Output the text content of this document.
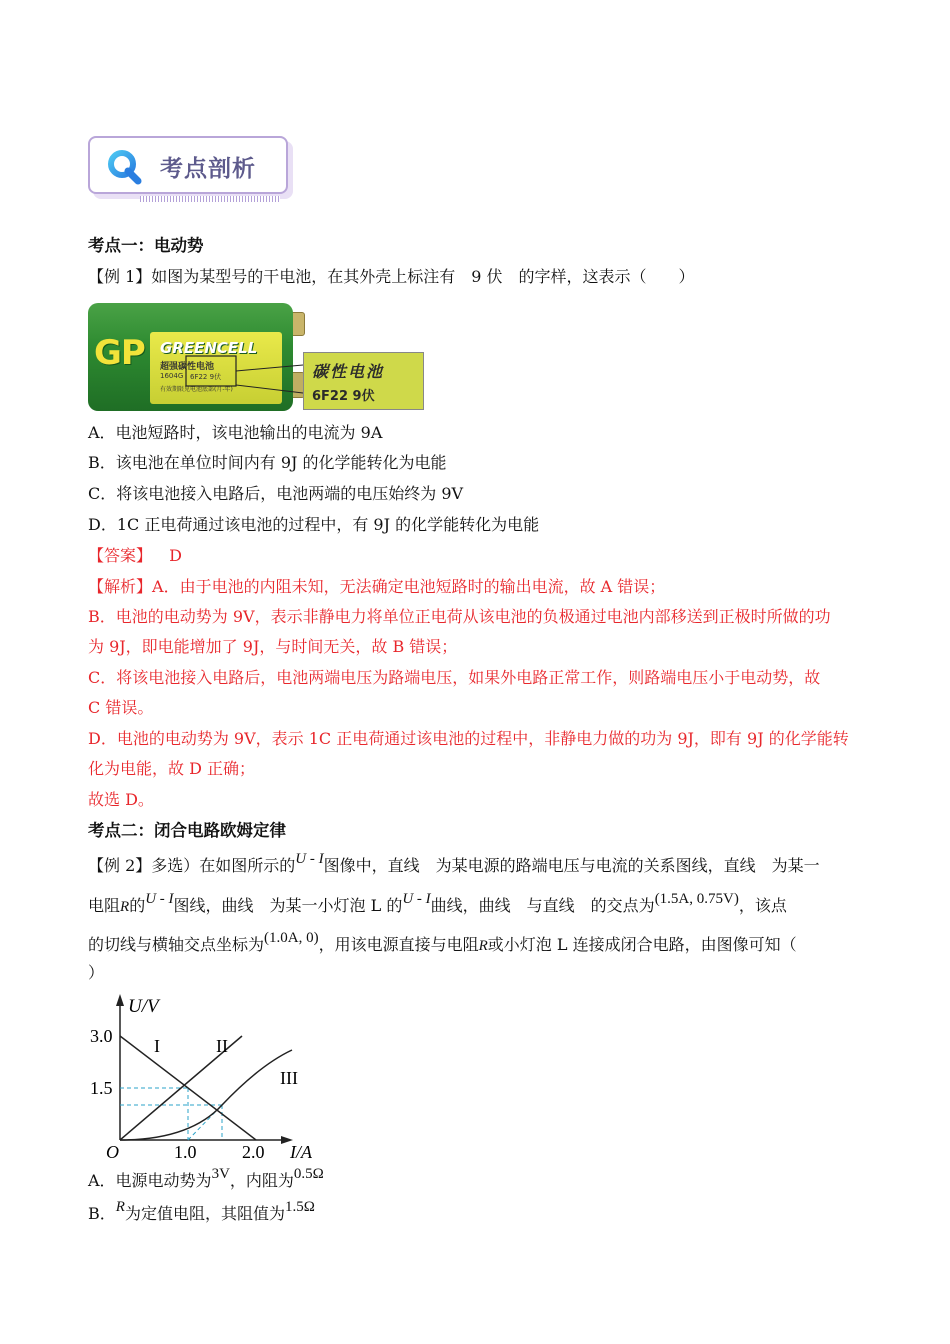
考点剖析
考点一：电动势
【例 1】如图为某型号的干电池，在其外壳上标注有　9 伏　的字样，这表示（　　）
GP GREENCELL
超强碳性电池
1604G 6F22 9伏
有效期限见电池底部(月-年)
碳性电池
6F22 9伏
A．电池短路时，该电池输出的电流为 9A
B．该电池在单位时间内有 9J 的化学能转化为电能
C．将该电池接入电路后，电池两端的电压始终为 9V
D．1C 正电荷通过该电池的过程中，有 9J 的化学能转化为电能
【答案】 D
【解析】A．由于电池的内阻未知，无法确定电池短路时的输出电流，故 A 错误；
B．电池的电动势为 9V，表示非静电力将单位正电荷从该电池的负极通过电池内部移送到正极时所做的功
为 9J，即电能增加了 9J，与时间无关，故 B 错误；
C．将该电池接入电路后，电池两端电压为路端电压，如果外电路正常工作，则路端电压小于电动势，故
C 错误。
D．电池的电动势为 9V，表示 1C 正电荷通过该电池的过程中，非静电力做的功为 9J，即有 9J 的化学能转
化为电能，故 D 正确；
故选 D。
考点二：闭合电路欧姆定律
【例 2】多选）在如图所示的U - I图像中，直线　为某电源的路端电压与电流的关系图线，直线　为某一
电阻R的U - I图线，曲线　为某一小灯泡 L 的U - I曲线，曲线　与直线　的交点为(1.5A, 0.75V)，该点
的切线与横轴交点坐标为(1.0A, 0)，用该电源直接与电阻R或小灯泡 L 连接成闭合电路，由图像可知（
）
U/V
3.0
1.5
O	1.0	2.0 I/A
I	II
III
A．电源电动势为3V，内阻为0.5Ω
B．R为定值电阻，其阻值为1.5Ω
